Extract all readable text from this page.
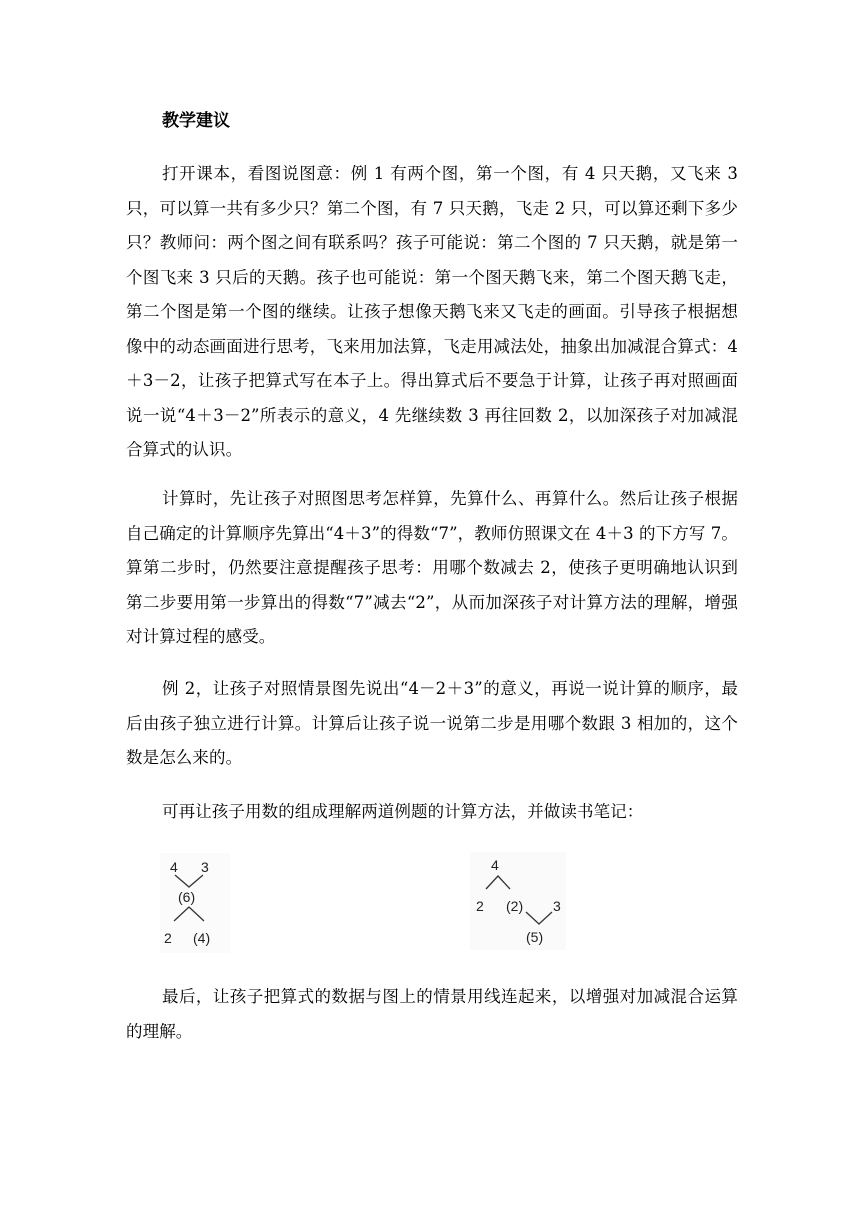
教学建议

打开课本，看图说图意：例 1 有两个图，第一个图，有 4 只天鹅，又飞来 3 只，可以算一共有多少只？第二个图，有 7 只天鹅，飞走 2 只，可以算还剩下多少只？教师问：两个图之间有联系吗？孩子可能说：第二个图的 7 只天鹅，就是第一个图飞来 3 只后的天鹅。孩子也可能说：第一个图天鹅飞来，第二个图天鹅飞走，第二个图是第一个图的继续。让孩子想像天鹅飞来又飞走的画面。引导孩子根据想像中的动态画面进行思考，飞来用加法算，飞走用减法处，抽象出加减混合算式：4＋3－2，让孩子把算式写在本子上。得出算式后不要急于计算，让孩子再对照画面说一说“4＋3－2”所表示的意义，4 先继续数 3 再往回数 2，以加深孩子对加减混合算式的认识。

计算时，先让孩子对照图思考怎样算，先算什么、再算什么。然后让孩子根据自己确定的计算顺序先算出“4＋3”的得数“7”，教师仿照课文在 4＋3 的下方写 7。算第二步时，仍然要注意提醒孩子思考：用哪个数减去 2，使孩子更明确地认识到第二步要用第一步算出的得数“7”减去“2”，从而加深孩子对计算方法的理解，增强对计算过程的感受。

例 2，让孩子对照情景图先说出“4－2＋3”的意义，再说一说计算的顺序，最后由孩子独立进行计算。计算后让孩子说一说第二步是用哪个数跟 3 相加的，这个数是怎么来的。

可再让孩子用数的组成理解两道例题的计算方法，并做读书笔记：

4 3
(6)
2 (4)
4
2 (2) 3
(5)

最后，让孩子把算式的数据与图上的情景用线连起来，以增强对加减混合运算的理解。
